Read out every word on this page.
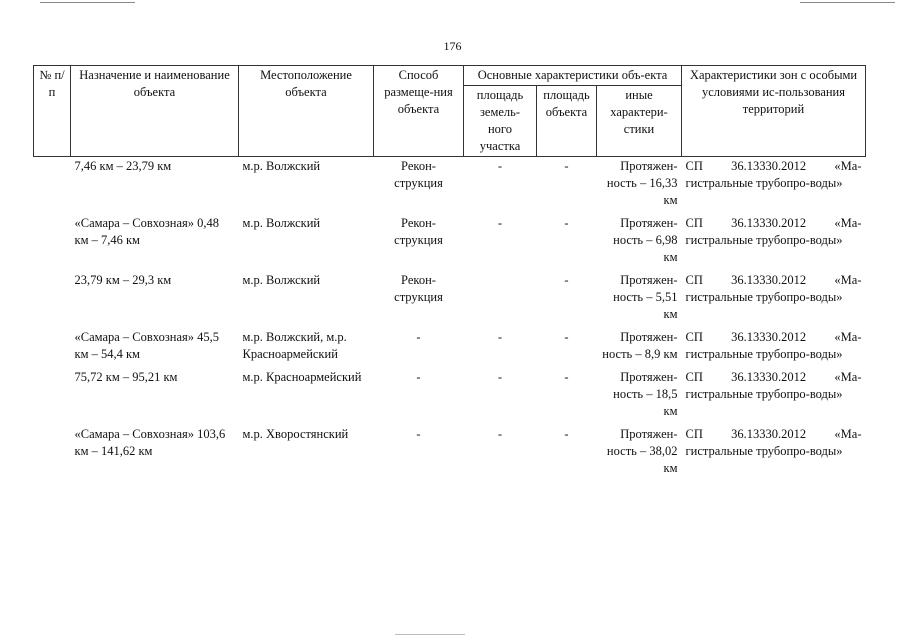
176
№ п/п	Назначение и наименование объекта	Местоположение объекта	Способ размеще-ния объекта	Основные характеристики объ-екта			Характеристики зон с особыми условиями ис-пользования территорий
				площадь земель-ного участка	площадь объекта	иные характери-стики	
	7,46 км – 23,79 км	м.р. Волжский	Рекон-струкция	-	-	Протяжен-ность – 16,33 км	СП 36.13330.2012 «Ма-гистральные трубопро-воды»
	«Самара – Совхозная» 0,48 км – 7,46 км	м.р. Волжский	Рекон-струкция	-	-	Протяжен-ность – 6,98 км	СП 36.13330.2012 «Ма-гистральные трубопро-воды»
	23,79 км – 29,3 км	м.р. Волжский	Рекон-струкция		-	Протяжен-ность – 5,51 км	СП 36.13330.2012 «Ма-гистральные трубопро-воды»
	«Самара – Совхозная» 45,5 км – 54,4 км	м.р. Волжский, м.р. Красноармейский	-	-	-	Протяжен-ность – 8,9 км	СП 36.13330.2012 «Ма-гистральные трубопро-воды»
	75,72 км – 95,21 км	м.р. Красноармейский	-	-	-	Протяжен-ность – 18,5 км	СП 36.13330.2012 «Ма-гистральные трубопро-воды»
	«Самара – Совхозная» 103,6 км – 141,62 км	м.р. Хворостянский	-	-	-	Протяжен-ность – 38,02 км	СП 36.13330.2012 «Ма-гистральные трубопро-воды»
